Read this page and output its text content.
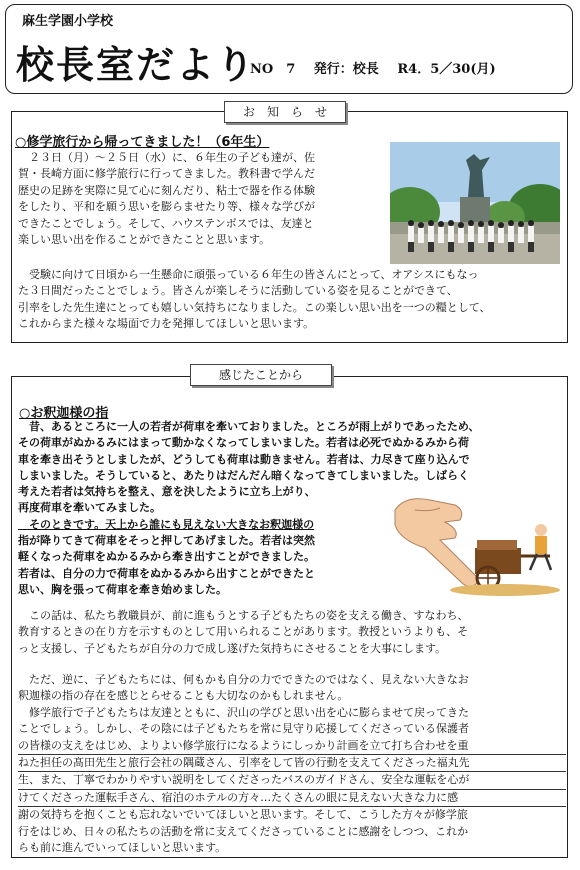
麻生学園小学校
校長室だより
NO　7 発行：校長 R4．5／30(月)
お　知　ら　せ
○修学旅行から帰ってきました！（6年生）

　２３日（月）～２５日（水）に、６年生の子ども達が、佐

賀・長崎方面に修学旅行に行ってきました。教科書で学んだ

歴史の足跡を実際に見て心に刻んだり、粘土で器を作る体験

をしたり、平和を願う思いを膨らませたり等、様々な学びが

できたことでしょう。そして、ハウステンボスでは、友達と

楽しい思い出を作ることができたことと思います。

　受験に向けて日頃から一生懸命に頑張っている６年生の皆さんにとって、オアシスにもなっ

た３日間だったことでしょう。皆さんが楽しそうに活動している姿を見ることができて、

引率をした先生達にとっても嬉しい気持ちになりました。この楽しい思い出を一つの糧として、

これからまた様々な場面で力を発揮してほしいと思います。

感じたことから
○お釈迦様の指

　昔、あるところに一人の若者が荷車を牽いておりました。ところが雨上がりであったため、

その荷車がぬかるみにはまって動かなくなってしまいました。若者は必死でぬかるみから荷

車を牽き出そうとしましたが、どうしても荷車は動きません。若者は、力尽きて座り込んで

しまいました。そうしていると、あたりはだんだん暗くなってきてしまいました。しばらく

考えた若者は気持ちを整え、意を決したように立ち上がり、

再度荷車を牽いてみました。

　そのときです。天上から誰にも見えない大きなお釈迦様の

指が降りてきて荷車をそっと押してあげました。若者は突然

軽くなった荷車をぬかるみから牽き出すことができました。

若者は、自分の力で荷車をぬかるみから出すことができたと

思い、胸を張って荷車を牽き始めました。

　この話は、私たち教職員が、前に進もうとする子どもたちの姿を支える働き、すなわち、

教育するときの在り方を示すものとして用いられることがあります。教授というよりも、そ

っと支援し、子どもたちが自分の力で成し遂げた気持ちにさせることを大事にします。

　ただ、逆に、子どもたちには、何もかも自分の力でできたのではなく、見えない大きなお

釈迦様の指の存在を感じとらせることも大切なのかもしれません。

　修学旅行で子どもたちは友達とともに、沢山の学びと思い出を心に膨らませて戻ってきた

ことでしょう。しかし、その陰には子どもたちを常に見守り応援してくださっている保護者

の皆様の支えをはじめ、よりよい修学旅行になるようにしっかり計画を立て打ち合わせを重

ねた担任の髙田先生と旅行会社の隅蔵さん、引率をして皆の行動を支えてくださった福丸先

生、また、丁寧でわかりやすい説明をしてくださったバスのガイドさん、安全な運転を心が

けてくださった運転手さん、宿泊のホテルの方々…たくさんの眼に見えない大きな力に感

謝の気持ちを抱くことも忘れないでいてほしいと思います。そして、こうした方々が修学旅

行をはじめ、日々の私たちの活動を常に支えてくださっていることに感謝をしつつ、これか

らも前に進んでいってほしいと思います。
